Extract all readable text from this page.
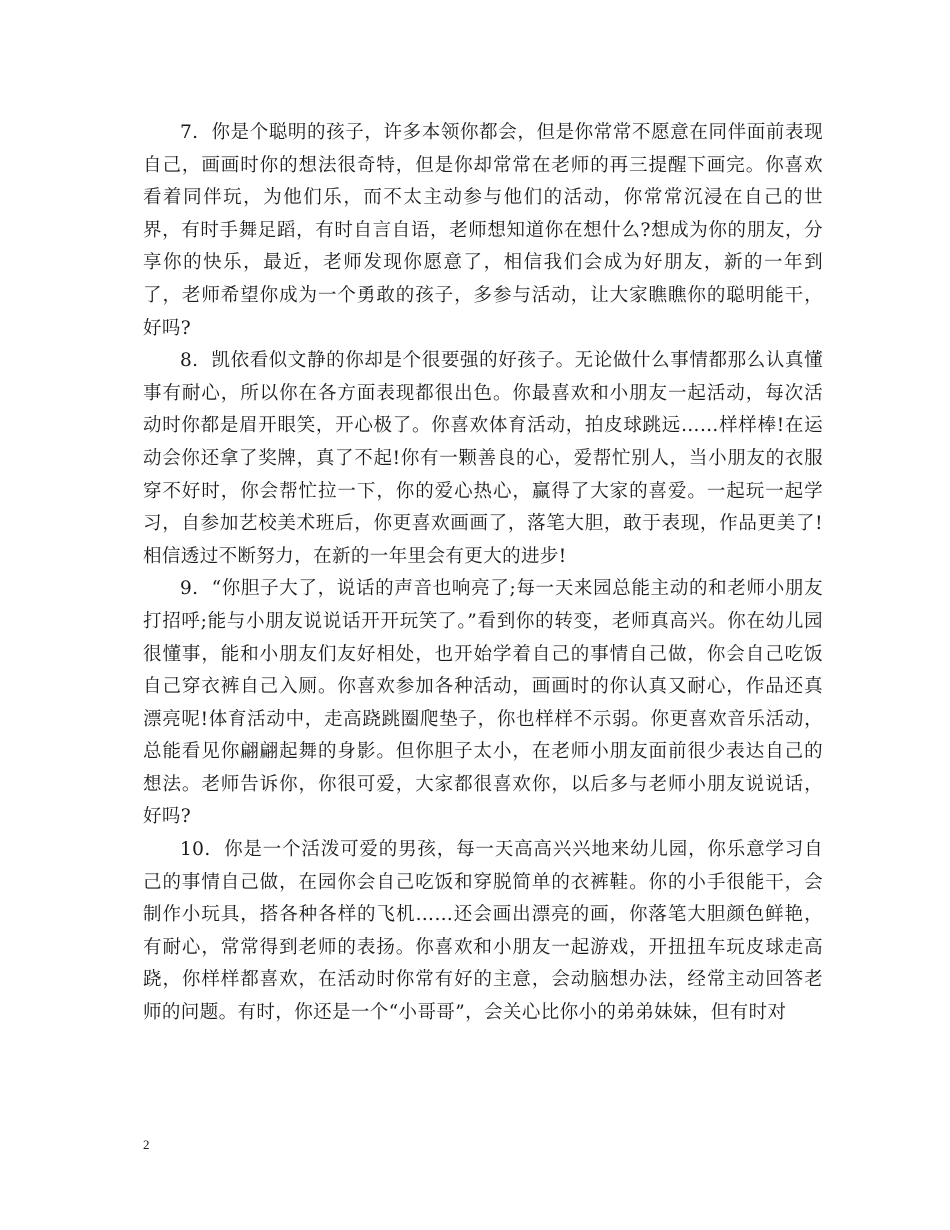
7. 你是个聪明的孩子，许多本领你都会，但是你常常不愿意在同伴面前表现自己，画画时你的想法很奇特，但是你却常常在老师的再三提醒下画完。你喜欢看着同伴玩，为他们乐，而不太主动参与他们的活动，你常常沉浸在自己的世界，有时手舞足蹈，有时自言自语，老师想知道你在想什么?想成为你的朋友，分享你的快乐，最近，老师发现你愿意了，相信我们会成为好朋友，新的一年到了，老师希望你成为一个勇敢的孩子，多参与活动，让大家瞧瞧你的聪明能干，好吗?

8. 凯依看似文静的你却是个很要强的好孩子。无论做什么事情都那么认真懂事有耐心，所以你在各方面表现都很出色。你最喜欢和小朋友一起活动，每次活动时你都是眉开眼笑，开心极了。你喜欢体育活动，拍皮球跳远……样样棒!在运动会你还拿了奖牌，真了不起!你有一颗善良的心，爱帮忙别人，当小朋友的衣服穿不好时，你会帮忙拉一下，你的爱心热心，赢得了大家的喜爱。一起玩一起学习，自参加艺校美术班后，你更喜欢画画了，落笔大胆，敢于表现，作品更美了!相信透过不断努力，在新的一年里会有更大的进步!

9. “你胆子大了，说话的声音也响亮了;每一天来园总能主动的和老师小朋友打招呼;能与小朋友说说话开开玩笑了。”看到你的转变，老师真高兴。你在幼儿园很懂事，能和小朋友们友好相处，也开始学着自己的事情自己做，你会自己吃饭自己穿衣裤自己入厕。你喜欢参加各种活动，画画时的你认真又耐心，作品还真漂亮呢!体育活动中，走高跷跳圈爬垫子，你也样样不示弱。你更喜欢音乐活动，总能看见你翩翩起舞的身影。但你胆子太小，在老师小朋友面前很少表达自己的想法。老师告诉你，你很可爱，大家都很喜欢你，以后多与老师小朋友说说话，好吗?

10. 你是一个活泼可爱的男孩，每一天高高兴兴地来幼儿园，你乐意学习自己的事情自己做，在园你会自己吃饭和穿脱简单的衣裤鞋。你的小手很能干，会制作小玩具，搭各种各样的飞机……还会画出漂亮的画，你落笔大胆颜色鲜艳，有耐心，常常得到老师的表扬。你喜欢和小朋友一起游戏，开扭扭车玩皮球走高跷，你样样都喜欢，在活动时你常有好的主意，会动脑想办法，经常主动回答老师的问题。有时，你还是一个“小哥哥”，会关心比你小的弟弟妹妹，但有时对

2
